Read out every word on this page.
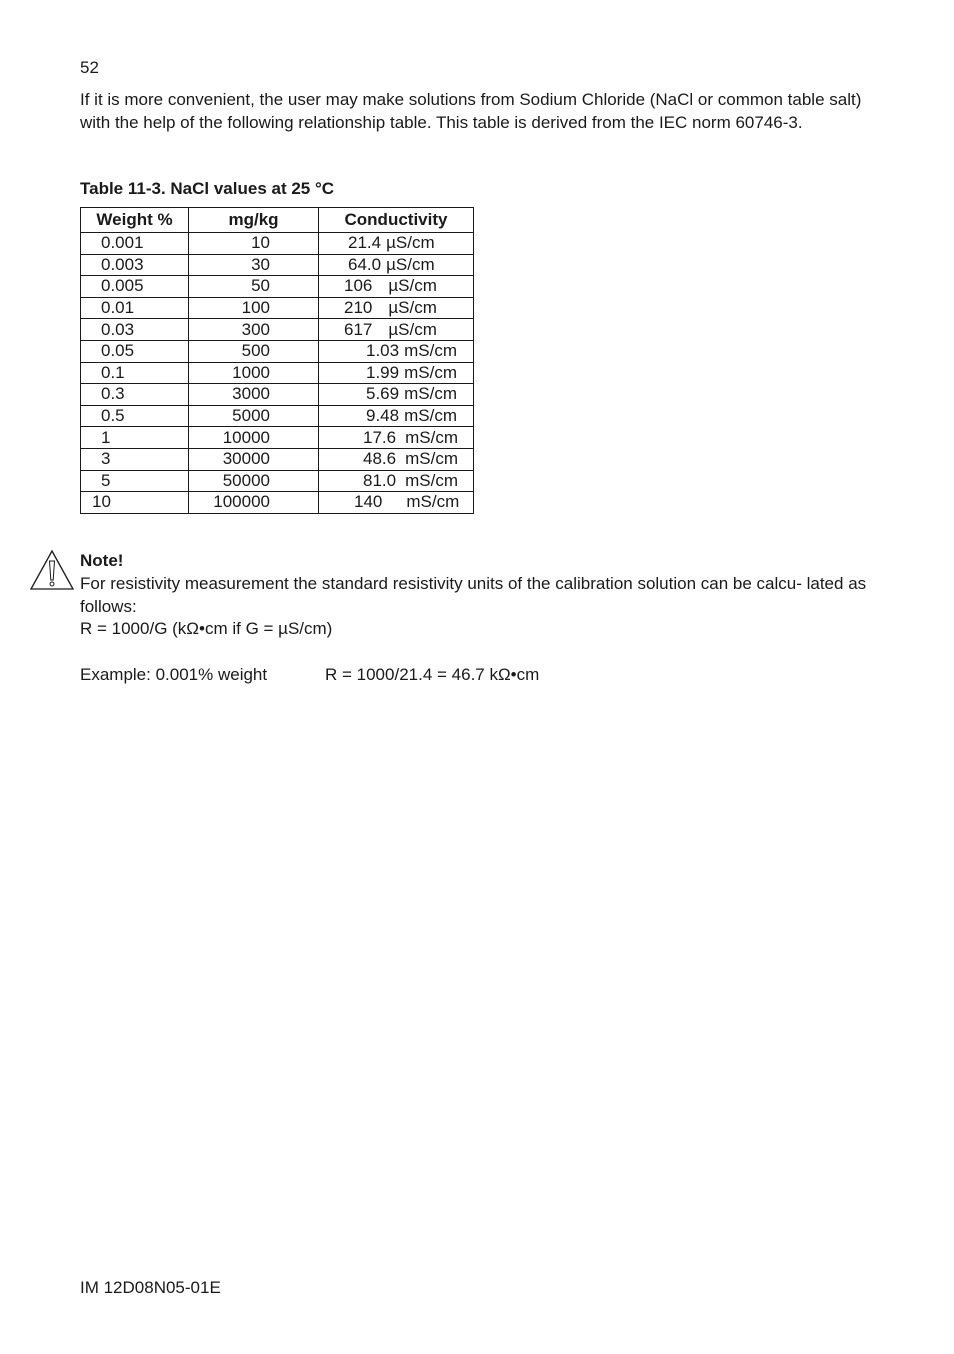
52
If it is more convenient, the user may make solutions from Sodium Chloride (NaCl or common table salt) with the help of the following relationship table. This table is derived from the IEC norm 60746-3.
Table 11-3. NaCl values at 25 °C
Weight %	mg/kg	Conductivity
0.001	10	21.4 µS/cm
0.003	30	64.0 µS/cm
0.005	50	106 µS/cm
0.01	100	210 µS/cm
0.03	300	617 µS/cm
0.05	500	1.03 mS/cm
0.1	1000	1.99 mS/cm
0.3	3000	5.69 mS/cm
0.5	5000	9.48 mS/cm
1	10000	17.6 mS/cm
3	30000	48.6 mS/cm
5	50000	81.0 mS/cm
10	100000	140 mS/cm
Note!
For resistivity measurement the standard resistivity units of the calibration solution can be calcu- lated as follows:
R = 1000/G (kΩ•cm if G = µS/cm)
Example: 0.001% weight	R = 1000/21.4 = 46.7 kΩ•cm
IM 12D08N05-01E
